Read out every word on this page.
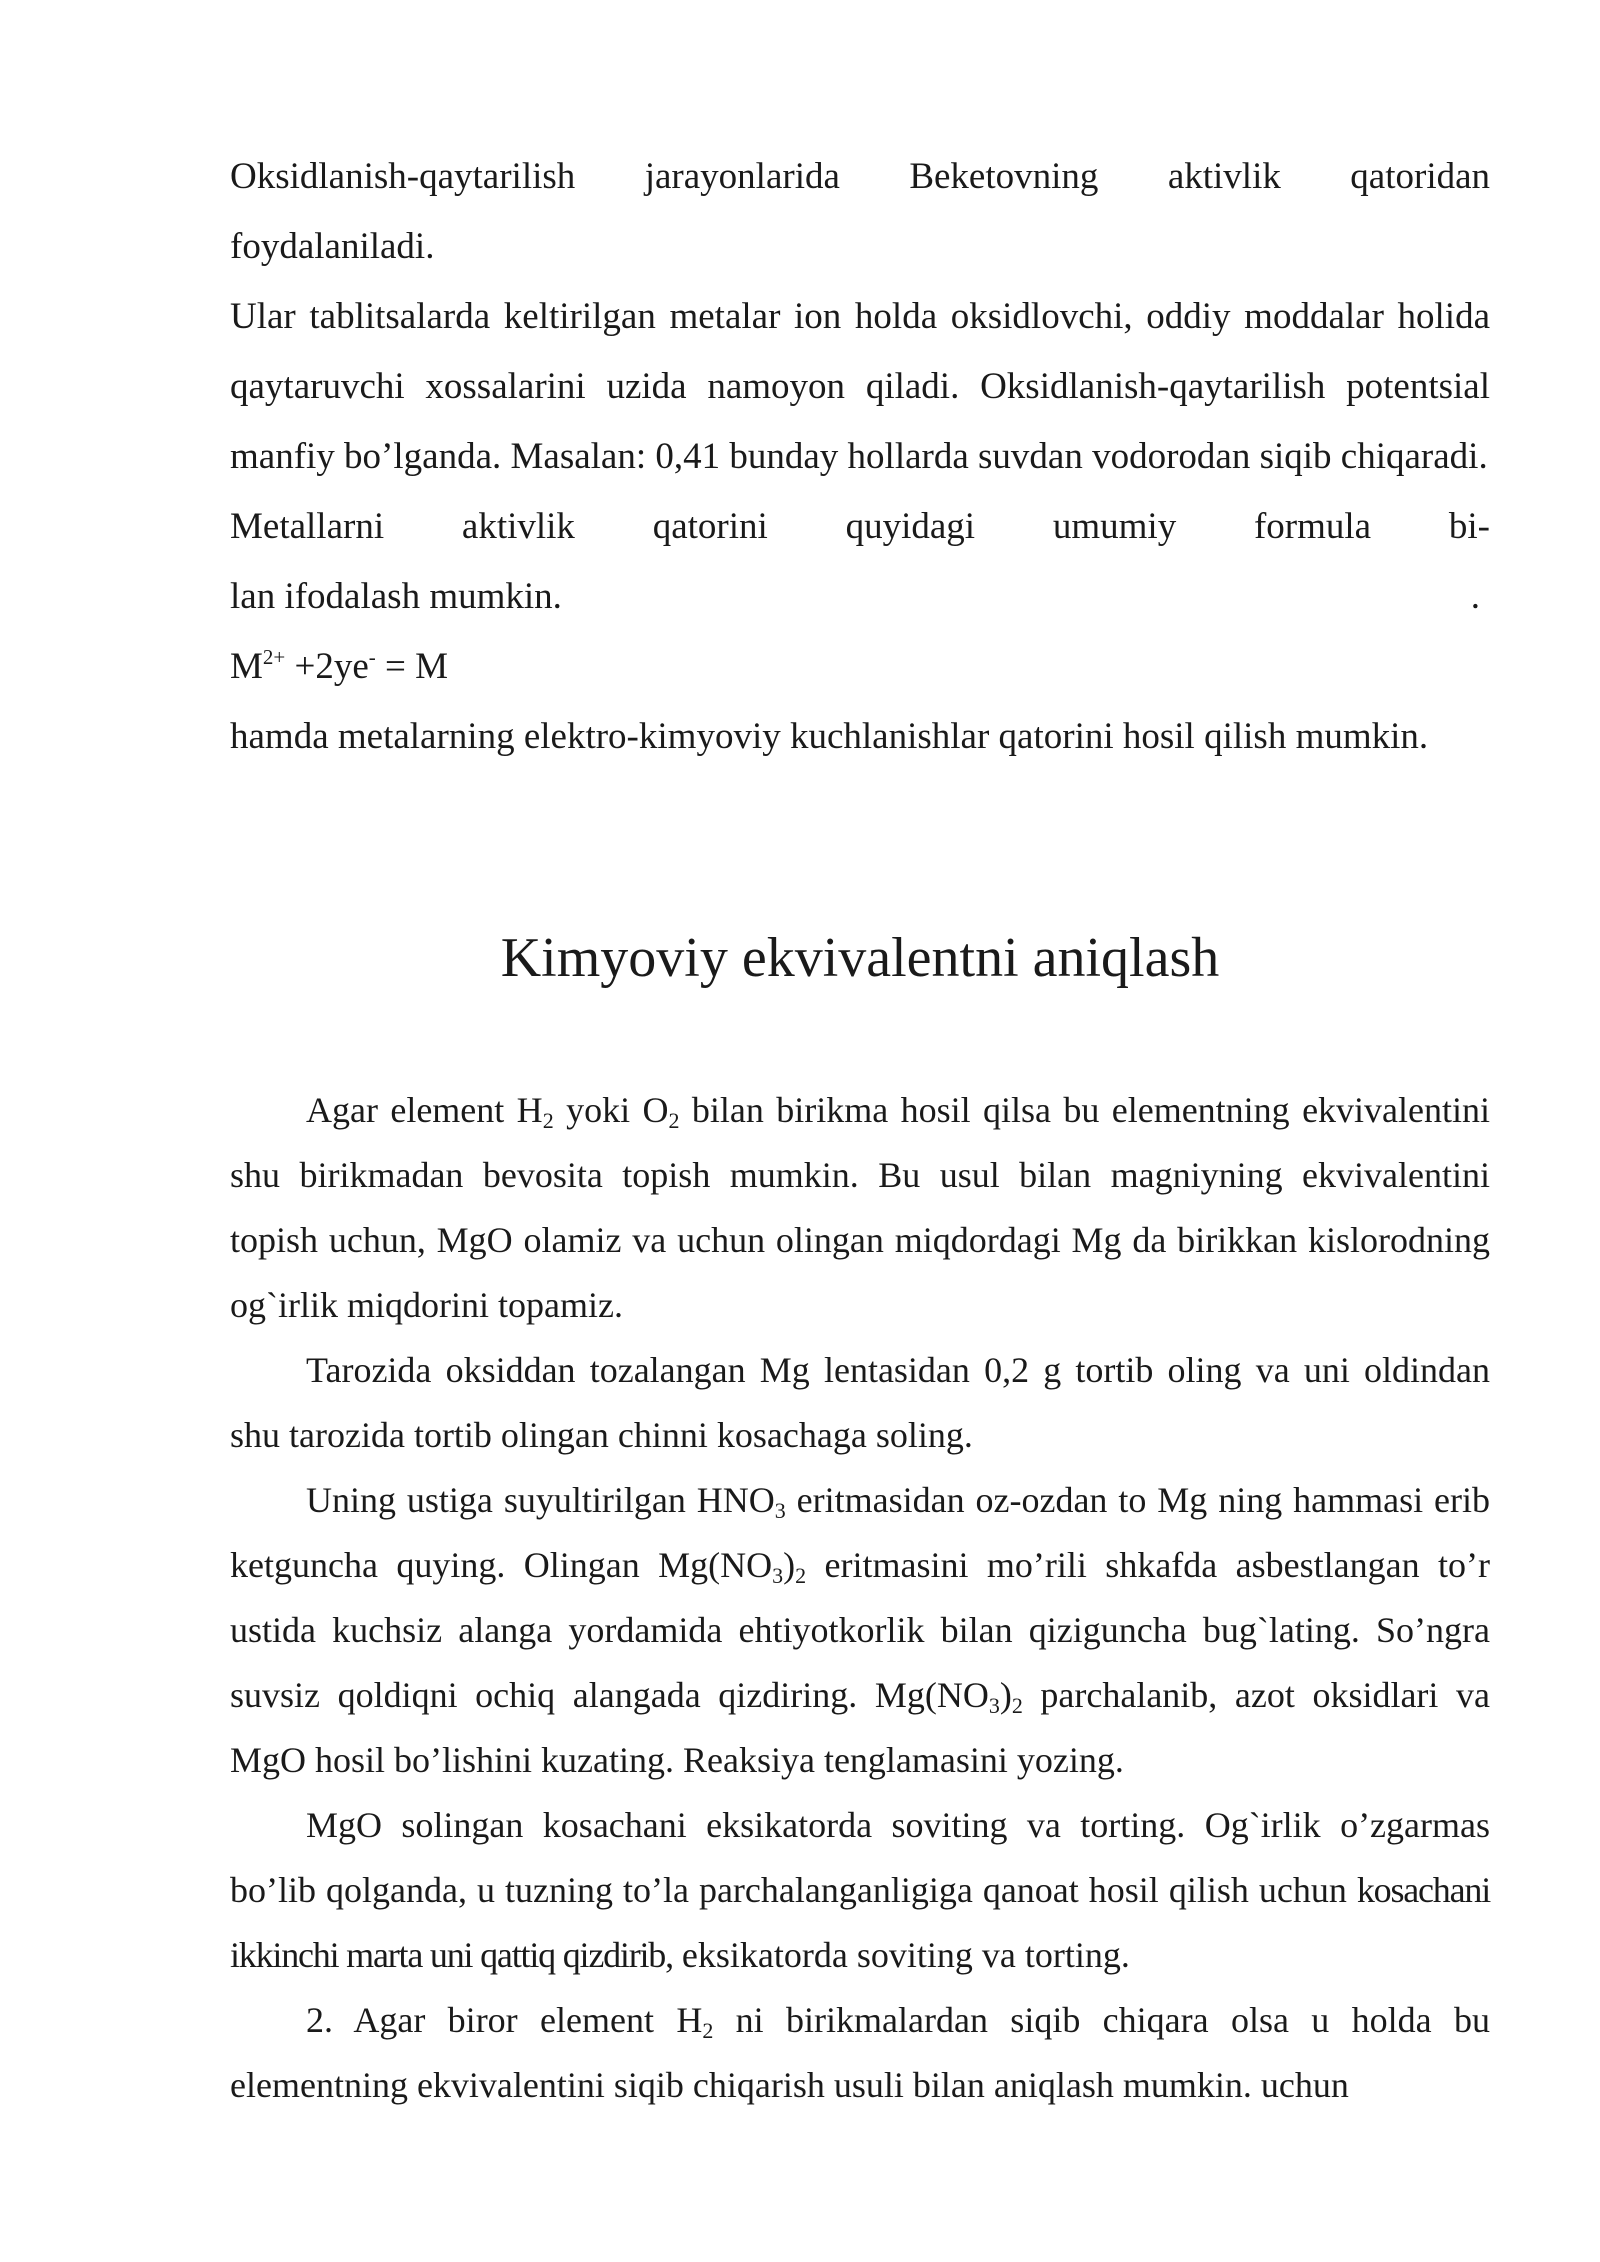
Oksidlanish-qaytarilish jarayonlarida Beketovning aktivlik qatoridan

foydalaniladi.

Ular tablitsalarda keltirilgan metalar ion holda oksidlovchi, oddiy moddalar holida qaytaruvchi xossalarini uzida namoyon qiladi. Oksidlanish-qaytarilish potentsial manfiy bo’lganda. Masalan: 0,41 bunday hollarda suvdan vodorodan siqib chiqaradi.

Metallarni aktivlik qatorini quyidagi umumiy formula bi-

lan ifodalash mumkin.	.

$M^{2+} +2ye^- = M$

hamda metalarning elektro-kimyoviy kuchlanishlar qatorini hosil qilish mumkin.

Kimyoviy ekvivalentni aniqlash

Agar element $H_2$ yoki $O_2$ bilan birikma hosil qilsa bu elementning ekvivalentini shu birikmadan bevosita topish mumkin. Bu usul bilan magniyning ekvivalentini topish uchun, MgO olamiz va uchun olingan miqdordagi Mg da birikkan kislorodning og`irlik miqdorini topamiz.

Tarozida oksiddan tozalangan Mg lentasidan 0,2 g tortib oling va uni oldindan shu tarozida tortib olingan chinni kosachaga soling.

Uning ustiga suyultirilgan $HNO_3$ eritmasidan oz-ozdan to Mg ning hammasi erib ketguncha quying. Olingan $Mg(NO_3)_2$ eritmasini mo’rili shkafda asbestlangan to’r ustida kuchsiz alanga yordamida ehtiyotkorlik bilan qiziguncha bug`lating. So’ngra suvsiz qoldiqni ochiq alangada qizdiring. $Mg(NO_3)_2$ parchalanib, azot oksidlari va MgO hosil bo’lishini kuzating. Reaksiya tenglamasini yozing.

MgO solingan kosachani eksikatorda soviting va torting. Og`irlik o’zgarmas bo’lib qolganda, u tuzning to’la parchalanganligiga qanoat hosil qilish uchun kosachani ikkinchi marta uni qattiq qizdirib, eksikatorda soviting va torting.

2. Agar biror element $H_2$ ni birikmalardan siqib chiqara olsa u holda bu elementning ekvivalentini siqib chiqarish usuli bilan aniqlash mumkin. uchun
